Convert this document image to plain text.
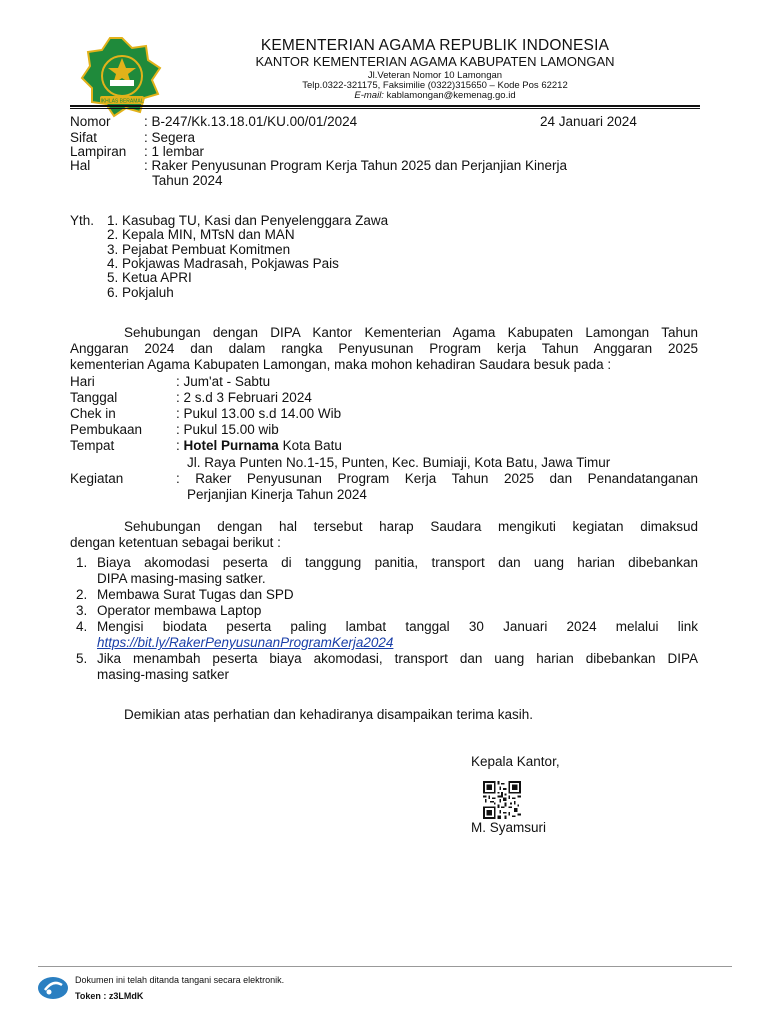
IKHLAS BERAMAL
KEMENTERIAN AGAMA REPUBLIK INDONESIA
KANTOR KEMENTERIAN AGAMA KABUPATEN LAMONGAN
Jl.Veteran Nomor 10 Lamongan
Telp.0322-321175, Faksimilie (0322)315650 – Kode Pos 62212
E-mail: kablamongan@kemenag.go.id
Nomor : B-247/Kk.13.18.01/KU.00/01/2024	24 Januari 2024
Sifat	: Segera
Lampiran : 1 lembar
Hal	: Raker Penyusunan Program Kerja Tahun 2025 dan Perjanjian Kinerja
Tahun 2024
Yth. 1. Kasubag TU, Kasi dan Penyelenggara Zawa
2. Kepala MIN, MTsN dan MAN
3. Pejabat Pembuat Komitmen
4. Pokjawas Madrasah, Pokjawas Pais
5. Ketua APRI
6. Pokjaluh
Sehubungan dengan DIPA Kantor Kementerian Agama Kabupaten Lamongan Tahun
Anggaran 2024 dan dalam rangka Penyusunan Program kerja Tahun Anggaran 2025
kementerian Agama Kabupaten Lamongan, maka mohon kehadiran Saudara besuk pada :
Hari	: Jum'at - Sabtu
Tanggal	: 2 s.d 3 Februari 2024
Chek in	: Pukul 13.00 s.d 14.00 Wib
Pembukaan	: Pukul 15.00 wib
Tempat	: Hotel Purnama Kota Batu
Jl. Raya Punten No.1-15, Punten, Kec. Bumiaji, Kota Batu, Jawa Timur
Kegiatan	: Raker Penyusunan Program Kerja Tahun 2025 dan Penandatanganan
Perjanjian Kinerja Tahun 2024
Sehubungan dengan hal tersebut harap Saudara mengikuti kegiatan dimaksud
dengan ketentuan sebagai berikut :
1. Biaya akomodasi peserta di tanggung panitia, transport dan uang harian dibebankan
DIPA masing-masing satker.
2. Membawa Surat Tugas dan SPD
3. Operator membawa Laptop
4. Mengisi biodata peserta paling lambat tanggal 30 Januari 2024 melalui link
https://bit.ly/RakerPenyusunanProgramKerja2024
5. Jika menambah peserta biaya akomodasi, transport dan uang harian dibebankan DIPA
masing-masing satker
Demikian atas perhatian dan kehadiranya disampaikan terima kasih.
Kepala Kantor,
M. Syamsuri
Dokumen ini telah ditanda tangani secara elektronik.
Token : z3LMdK
